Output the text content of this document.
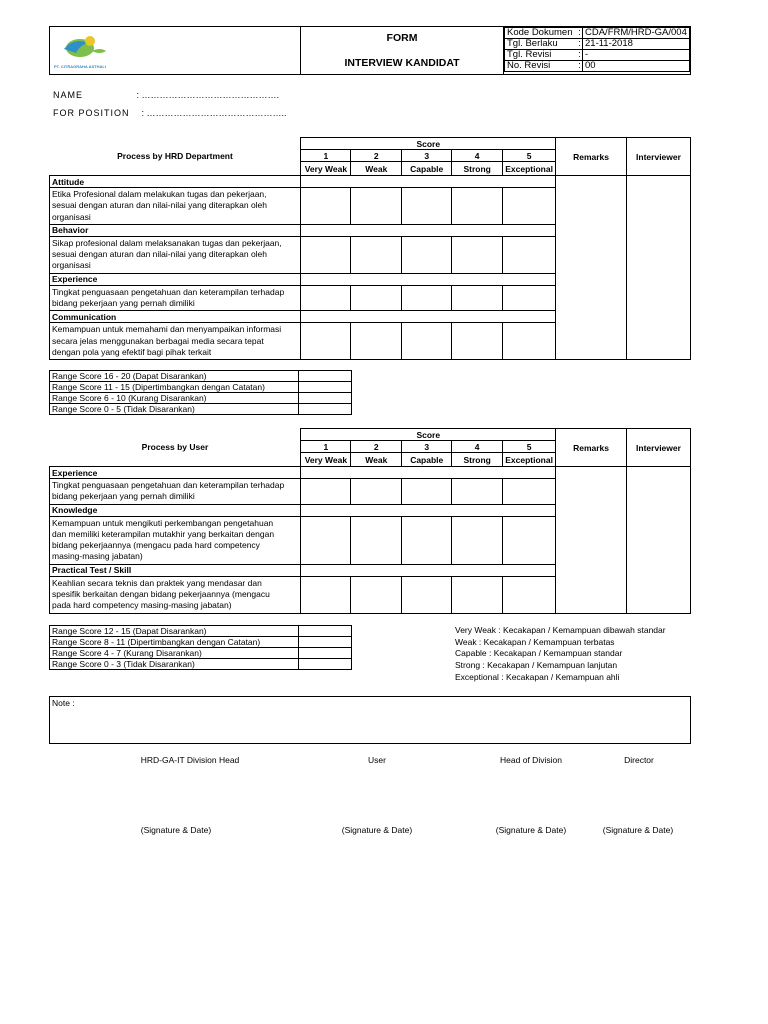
PT. CITRAGRAHA ASTHALI

FORM
INTERVIEW KANDIDAT

Kode Dokumen	:	CDA/FRM/HRD-GA/004
Tgl. Berlaku	:	21-11-2018
Tgl. Revisi	:	-
No. Revisi	:	00
NAME	: ……………………………………….
FOR POSITION : ………………………………………..
Process by HRD Department	Score					Remarks	Interviewer
	1	2	3	4	5		
	Very Weak	Weak	Capable	Strong	Exceptional		
Attitude							

Etika Profesional dalam melakukan tugas dan pekerjaan,
sesuai dengan aturan dan nilai-nilai yang diterapkan oleh
organisasi							

Behavior							

Sikap profesional dalam melaksanakan tugas dan pekerjaan,
sesuai dengan aturan dan nilai-nilai yang diterapkan oleh
organisasi							

Experience							

Tingkat penguasaan pengetahuan dan keterampilan terhadap
bidang pekerjaan yang pernah dimiliki							

Communication							

Kemampuan untuk memahami dan menyampaikan informasi
secara jelas menggunakan berbagai media secara tepat
dengan pola yang efektif bagi pihak terkait							

Range Score 16 - 20 (Dapat Disarankan)	
Range Score 11 - 15 (Dipertimbangkan dengan Catatan)	
Range Score 6 - 10 (Kurang Disarankan)	
Range Score 0 - 5 (Tidak Disarankan)	
Process by User	Score					Remarks	Interviewer
	1	2	3	4	5		
	Very Weak	Weak	Capable	Strong	Exceptional		
Experience							

Tingkat penguasaan pengetahuan dan keterampilan terhadap
bidang pekerjaan yang pernah dimiliki							

Knowledge							

Kemampuan untuk mengikuti perkembangan pengetahuan
dan memiliki keterampilan mutakhir yang berkaitan dengan
bidang pekerjaannya (mengacu pada hard competency
masing-masing jabatan)							

Practical Test / Skill							

Keahlian secara teknis dan praktek yang mendasar dan
spesifik berkaitan dengan bidang pekerjaannya (mengacu
pada hard competency masing-masing jabatan)							

Range Score 12 - 15 (Dapat Disarankan)	
Range Score 8 - 11 (Dipertimbangkan dengan Catatan)	
Range Score 4 - 7 (Kurang Disarankan)	
Range Score 0 - 3 (Tidak Disarankan)	
Very Weak : Kecakapan / Kemampuan dibawah standar
Weak : Kecakapan / Kemampuan terbatas
Capable : Kecakapan / Kemampuan standar
Strong : Kecakapan / Kemampuan lanjutan
Exceptional : Kecakapan / Kemampuan ahli
Note :
HRD-GA-IT Division Head	User	Head of Division	Director
(Signature & Date)	(Signature & Date)	(Signature & Date)	(Signature & Date)
